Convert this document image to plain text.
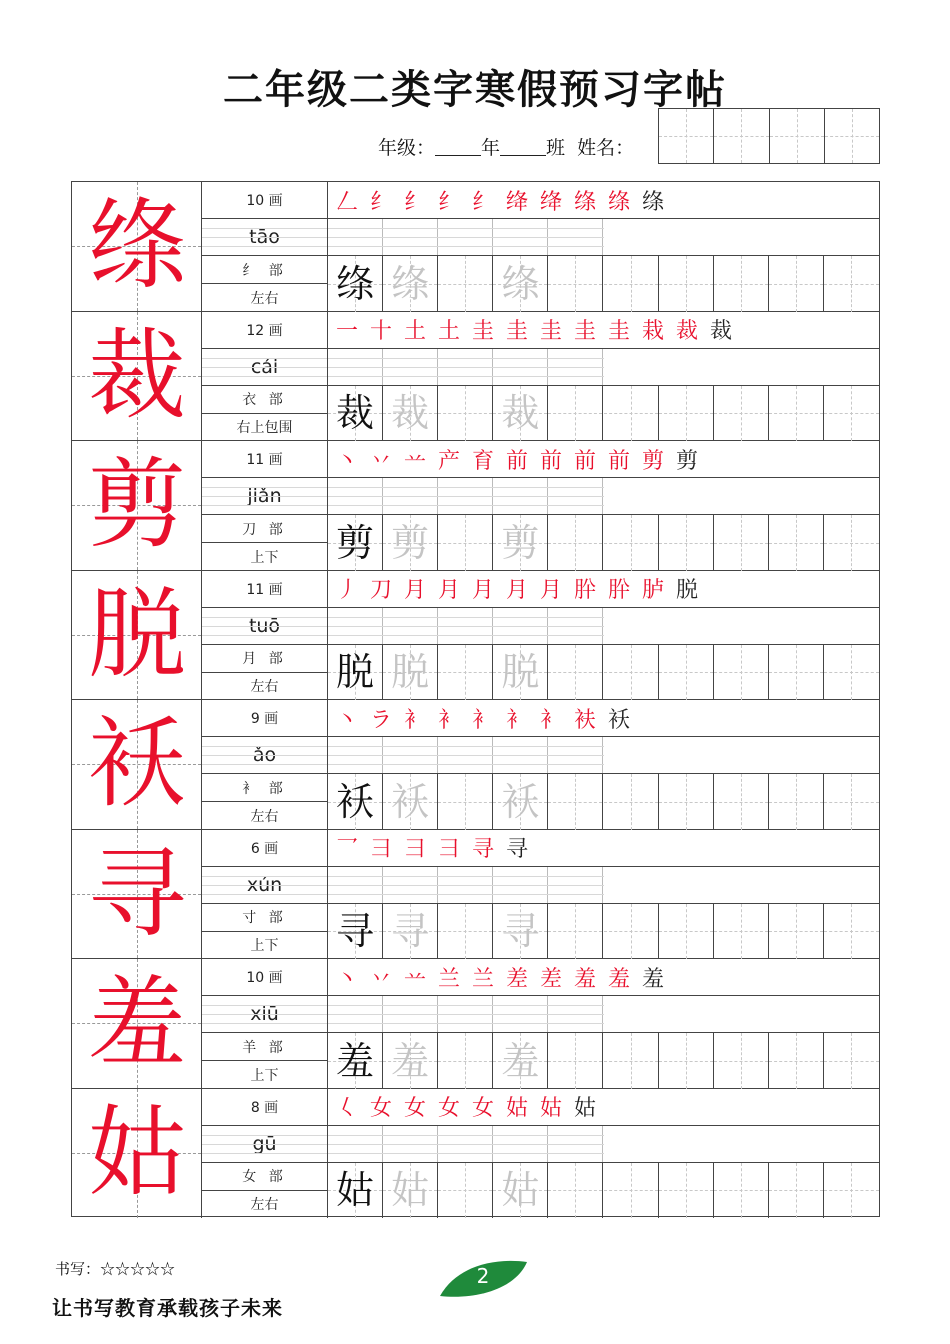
二年级二类字寒假预习字帖
年级： 年 班 姓名：
绦	10 画
tāo
纟 部
左右
𠃋 纟 纟 纟 纟 绛 绛 绦 绦 绦
绦 绦 绦
裁	12 画
cái
衣 部
右上包围
一 十 土 土 圭 圭 圭 圭 圭 栽 裁 裁
裁 裁 裁
剪	11 画
jiǎn
刀 部
上下
丶 丷 䒑 产 育 前 前 前 前 剪 剪
剪 剪 剪
脱	11 画
tuō
月 部
左右
丿 刀 月 月 月 月 月 肸 肸 胪 脱
脱 脱 脱
袄	9 画
ǎo
衤 部
左右
丶 ラ 衤 衤 衤 衤 衤 衭 袄
袄 袄 袄
寻	6 画
xún
寸 部
上下
乛 彐 彐 ⺕ 寻 寻
寻 寻 寻
羞	10 画
xiū
羊 部
上下
丶 丷 䒑 兰 兰 差 差 羞 羞 羞
羞 羞 羞
姑	8 画
gū
女 部
左右
𡿨 女 女 女 女 姑 姑 姑
姑 姑 姑
书写：☆☆☆☆☆	2
让书写教育承载孩子未来
